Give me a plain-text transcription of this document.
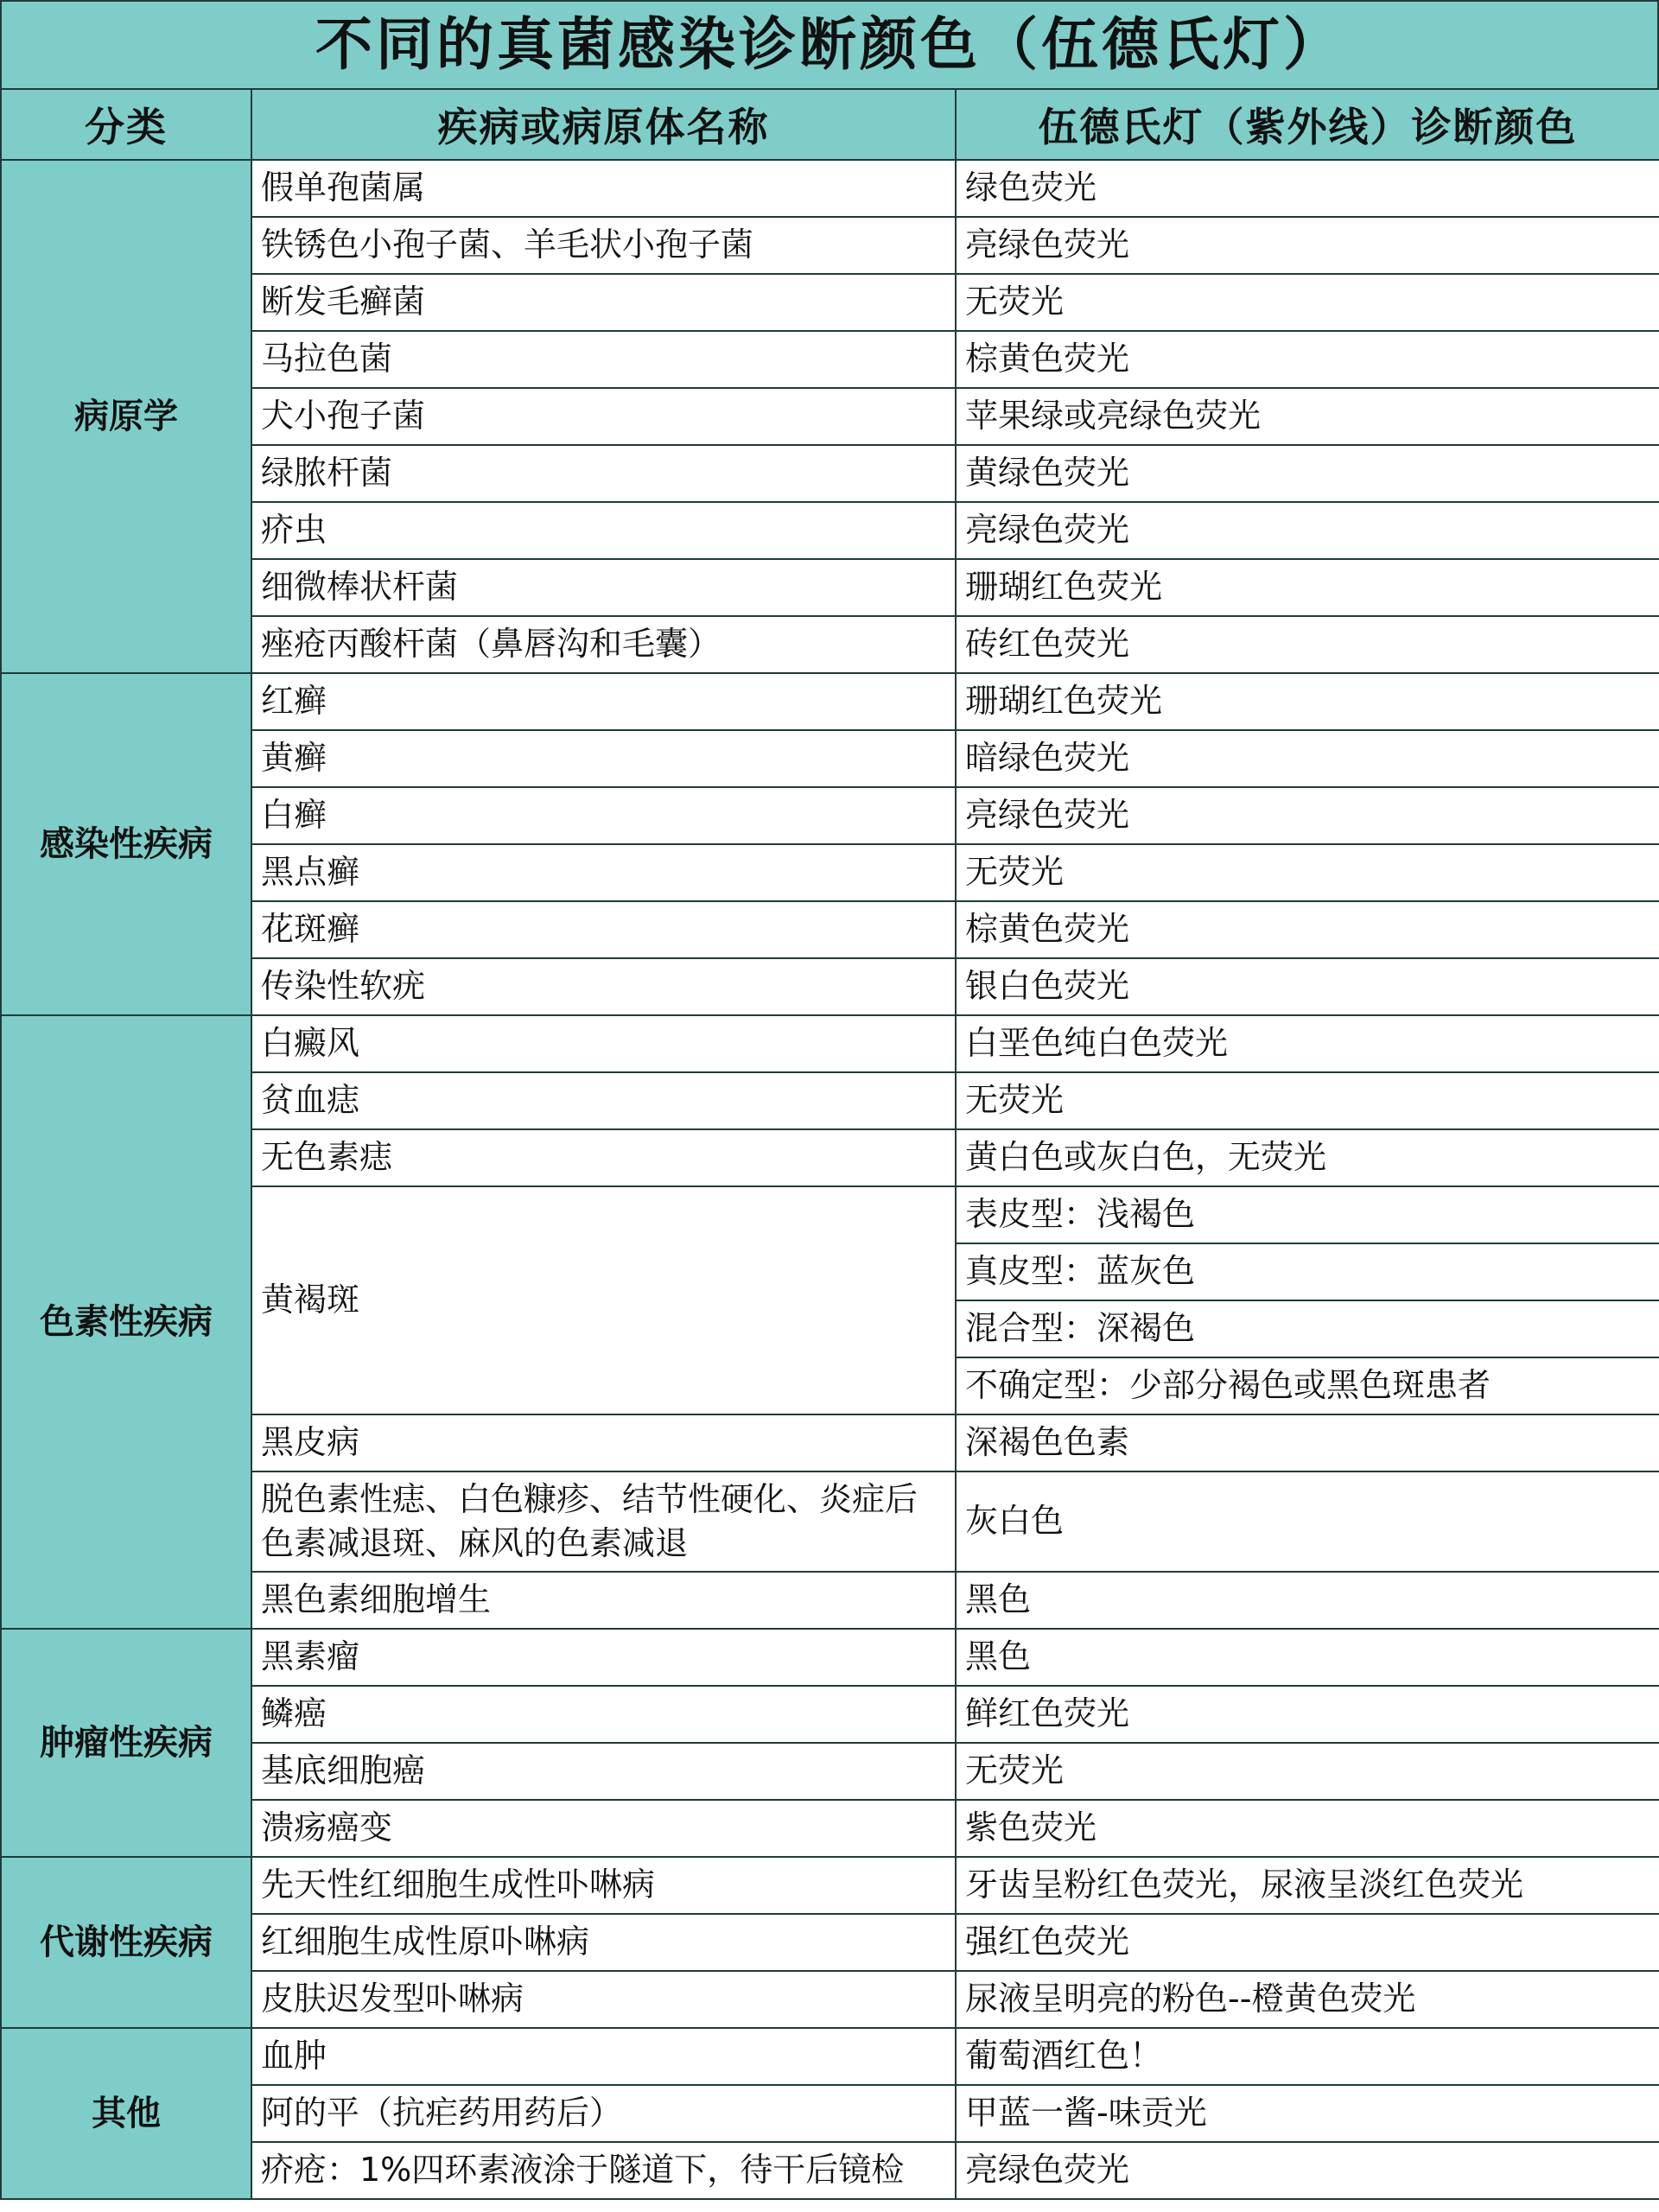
不同的真菌感染诊断颜色（伍德氏灯）
分类	疾病或病原体名称	伍德氏灯（紫外线）诊断颜色
病原学	假单孢菌属	绿色荧光
	铁锈色小孢子菌、羊毛状小孢子菌	亮绿色荧光
	断发毛癣菌	无荧光
	马拉色菌	棕黄色荧光
	犬小孢子菌	苹果绿或亮绿色荧光
	绿脓杆菌	黄绿色荧光
	疥虫	亮绿色荧光
	细微棒状杆菌	珊瑚红色荧光
	痤疮丙酸杆菌（鼻唇沟和毛囊）	砖红色荧光
感染性疾病	红癣	珊瑚红色荧光
	黄癣	暗绿色荧光
	白癣	亮绿色荧光
	黑点癣	无荧光
	花斑癣	棕黄色荧光
	传染性软疣	银白色荧光
色素性疾病	白癜风	白垩色纯白色荧光
	贫血痣	无荧光
	无色素痣	黄白色或灰白色，无荧光
	黄褐斑	表皮型：浅褐色
		真皮型：蓝灰色
		混合型：深褐色
		不确定型：少部分褐色或黑色斑患者
	黑皮病	深褐色色素
	脱色素性痣、白色糠疹、结节性硬化、炎症后色素减退斑、麻风的色素减退	灰白色
	黑色素细胞增生	黑色
肿瘤性疾病	黑素瘤	黑色
	鳞癌	鲜红色荧光
	基底细胞癌	无荧光
	溃疡癌变	紫色荧光
代谢性疾病	先天性红细胞生成性卟啉病	牙齿呈粉红色荧光，尿液呈淡红色荧光
	红细胞生成性原卟啉病	强红色荧光
	皮肤迟发型卟啉病	尿液呈明亮的粉色--橙黄色荧光
其他	血肿	葡萄酒红色！
	阿的平（抗疟药用药后）	甲蓝一酱-味贡光
	疥疮：1%四环素液涂于隧道下，待干后镜检	亮绿色荧光
